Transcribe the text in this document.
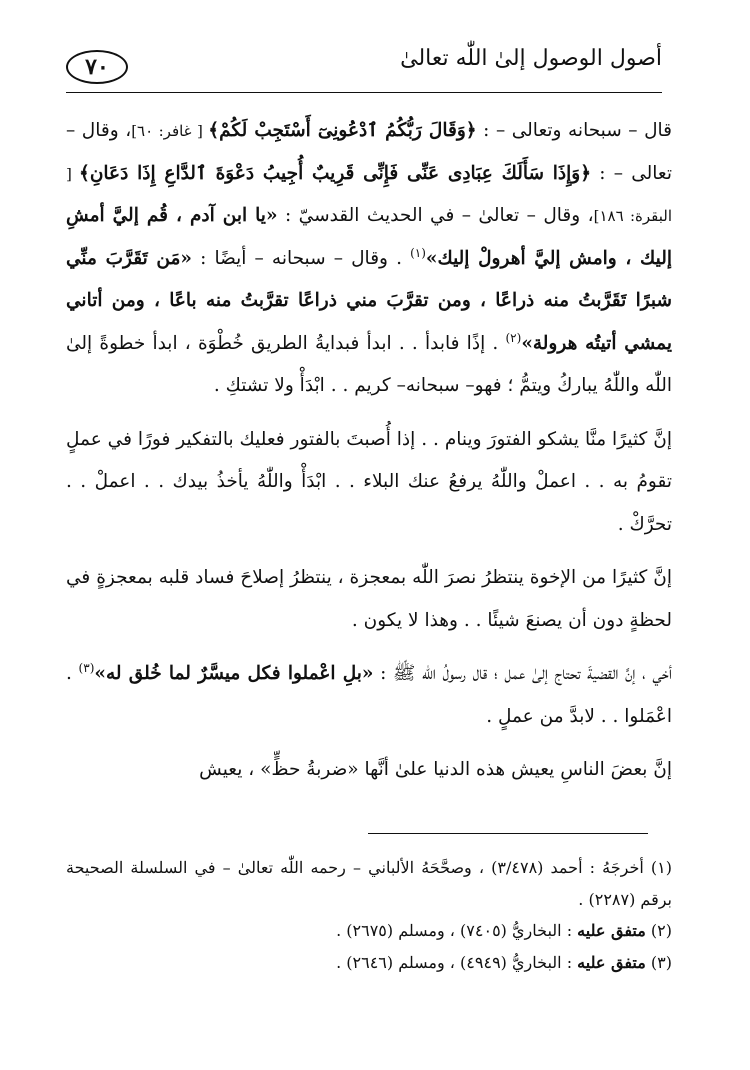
أصول الوصول إلىٰ اللّٰه تعالىٰ
٧٠

قال – سبحانه وتعالى – : ﴿وَقَالَ رَبُّكُمُ ٱدْعُونِىٓ أَسْتَجِبْ لَكُمْ﴾ [ غافر: ٦٠]، وقال – تعالى – : ﴿وَإِذَا سَأَلَكَ عِبَادِى عَنِّى فَإِنِّى قَرِيبٌ أُجِيبُ دَعْوَةَ ٱلدَّاعِ إِذَا دَعَانِ﴾ [ البقرة: ١٨٦]، وقال – تعالىٰ – في الحديث القدسيّ : «يا ابن آدم ، قُم إليَّ أمشِ إليك ، وامش إليَّ أهرولْ إليك»$^{(١)}$ . وقال – سبحانه – أيضًا : «مَن تَقَرَّبَ منِّي شبرًا تَقَرَّبتُ منه ذراعًا ، ومن تقرَّبَ مني ذراعًا تقرَّبتُ منه باعًا ، ومن أتاني يمشي أتيتُه هرولة»$^{(٢)}$ . إذًا فابدأ . . ابدأ فبدايةُ الطريق خُطْوَة ، ابدأ خطوةً إلىٰ اللّٰه واللّٰهُ يباركُ ويتمُّ ؛ فهو– سبحانه– كريم . . ابْدَأْ ولا تشتكِ .

إنَّ كثيرًا منَّا يشكو الفتورَ وينام . . إذا أُصبتَ بالفتور فعليك بالتفكير فورًا في عملٍ تقومُ به . . اعملْ واللّٰهُ يرفعُ عنك البلاء . . ابْدَأْ واللّٰهُ يأخذُ بيدك . . اعملْ . . تحرَّكْ .

إنَّ كثيرًا من الإخوة ينتظرُ نصرَ اللّٰه بمعجزة ، ينتظرُ إصلاحَ فساد قلبه بمعجزةٍ في لحظةٍ دون أن يصنعَ شيئًا . . وهذا لا يكون .

أخي ، إنَّ القضيةَ تحتاج إلىٰ عمل ؛ قال رسولُ اللّٰه ﷺ : «بلِ اعْملوا فكل ميسَّرٌ لما خُلق له»$^{(٣)}$ . اعْمَلوا . . لابدَّ من عملٍ .

إنَّ بعضَ الناسِ يعيش هذه الدنيا علىٰ أنَّها «ضربةُ حظٍّ» ، يعيش

(١) أخرجَهُ : أحمد (٣/٤٧٨) ، وصحَّحَهُ الألباني – رحمه اللّٰه تعالىٰ – في السلسلة الصحيحة برقم (٢٢٨٧) .

(٢) متفق عليه : البخاريُّ (٧٤٠٥) ، ومسلم (٢٦٧٥) .

(٣) متفق عليه : البخاريُّ (٤٩٤٩) ، ومسلم (٢٦٤٦) .
